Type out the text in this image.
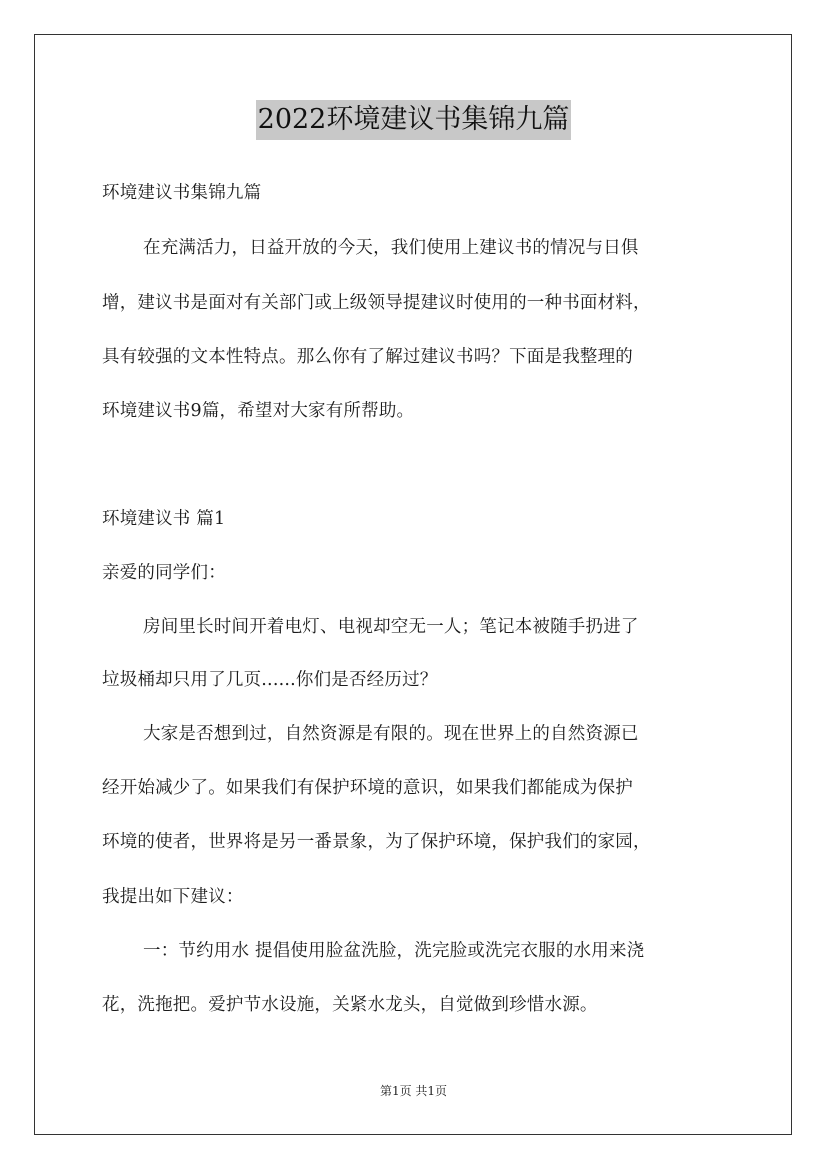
2022环境建议书集锦九篇
环境建议书集锦九篇
在充满活力，日益开放的今天，我们使用上建议书的情况与日俱
增，建议书是面对有关部门或上级领导提建议时使用的一种书面材料，
具有较强的文本性特点。那么你有了解过建议书吗？下面是我整理的
环境建议书9篇，希望对大家有所帮助。
环境建议书 篇1
亲爱的同学们：
房间里长时间开着电灯、电视却空无一人；笔记本被随手扔进了
垃圾桶却只用了几页......你们是否经历过？
大家是否想到过，自然资源是有限的。现在世界上的自然资源已
经开始减少了。如果我们有保护环境的意识，如果我们都能成为保护
环境的使者，世界将是另一番景象，为了保护环境，保护我们的家园，
我提出如下建议：
一：节约用水 提倡使用脸盆洗脸，洗完脸或洗完衣服的水用来浇
花，洗拖把。爱护节水设施，关紧水龙头，自觉做到珍惜水源。
第1页 共1页
